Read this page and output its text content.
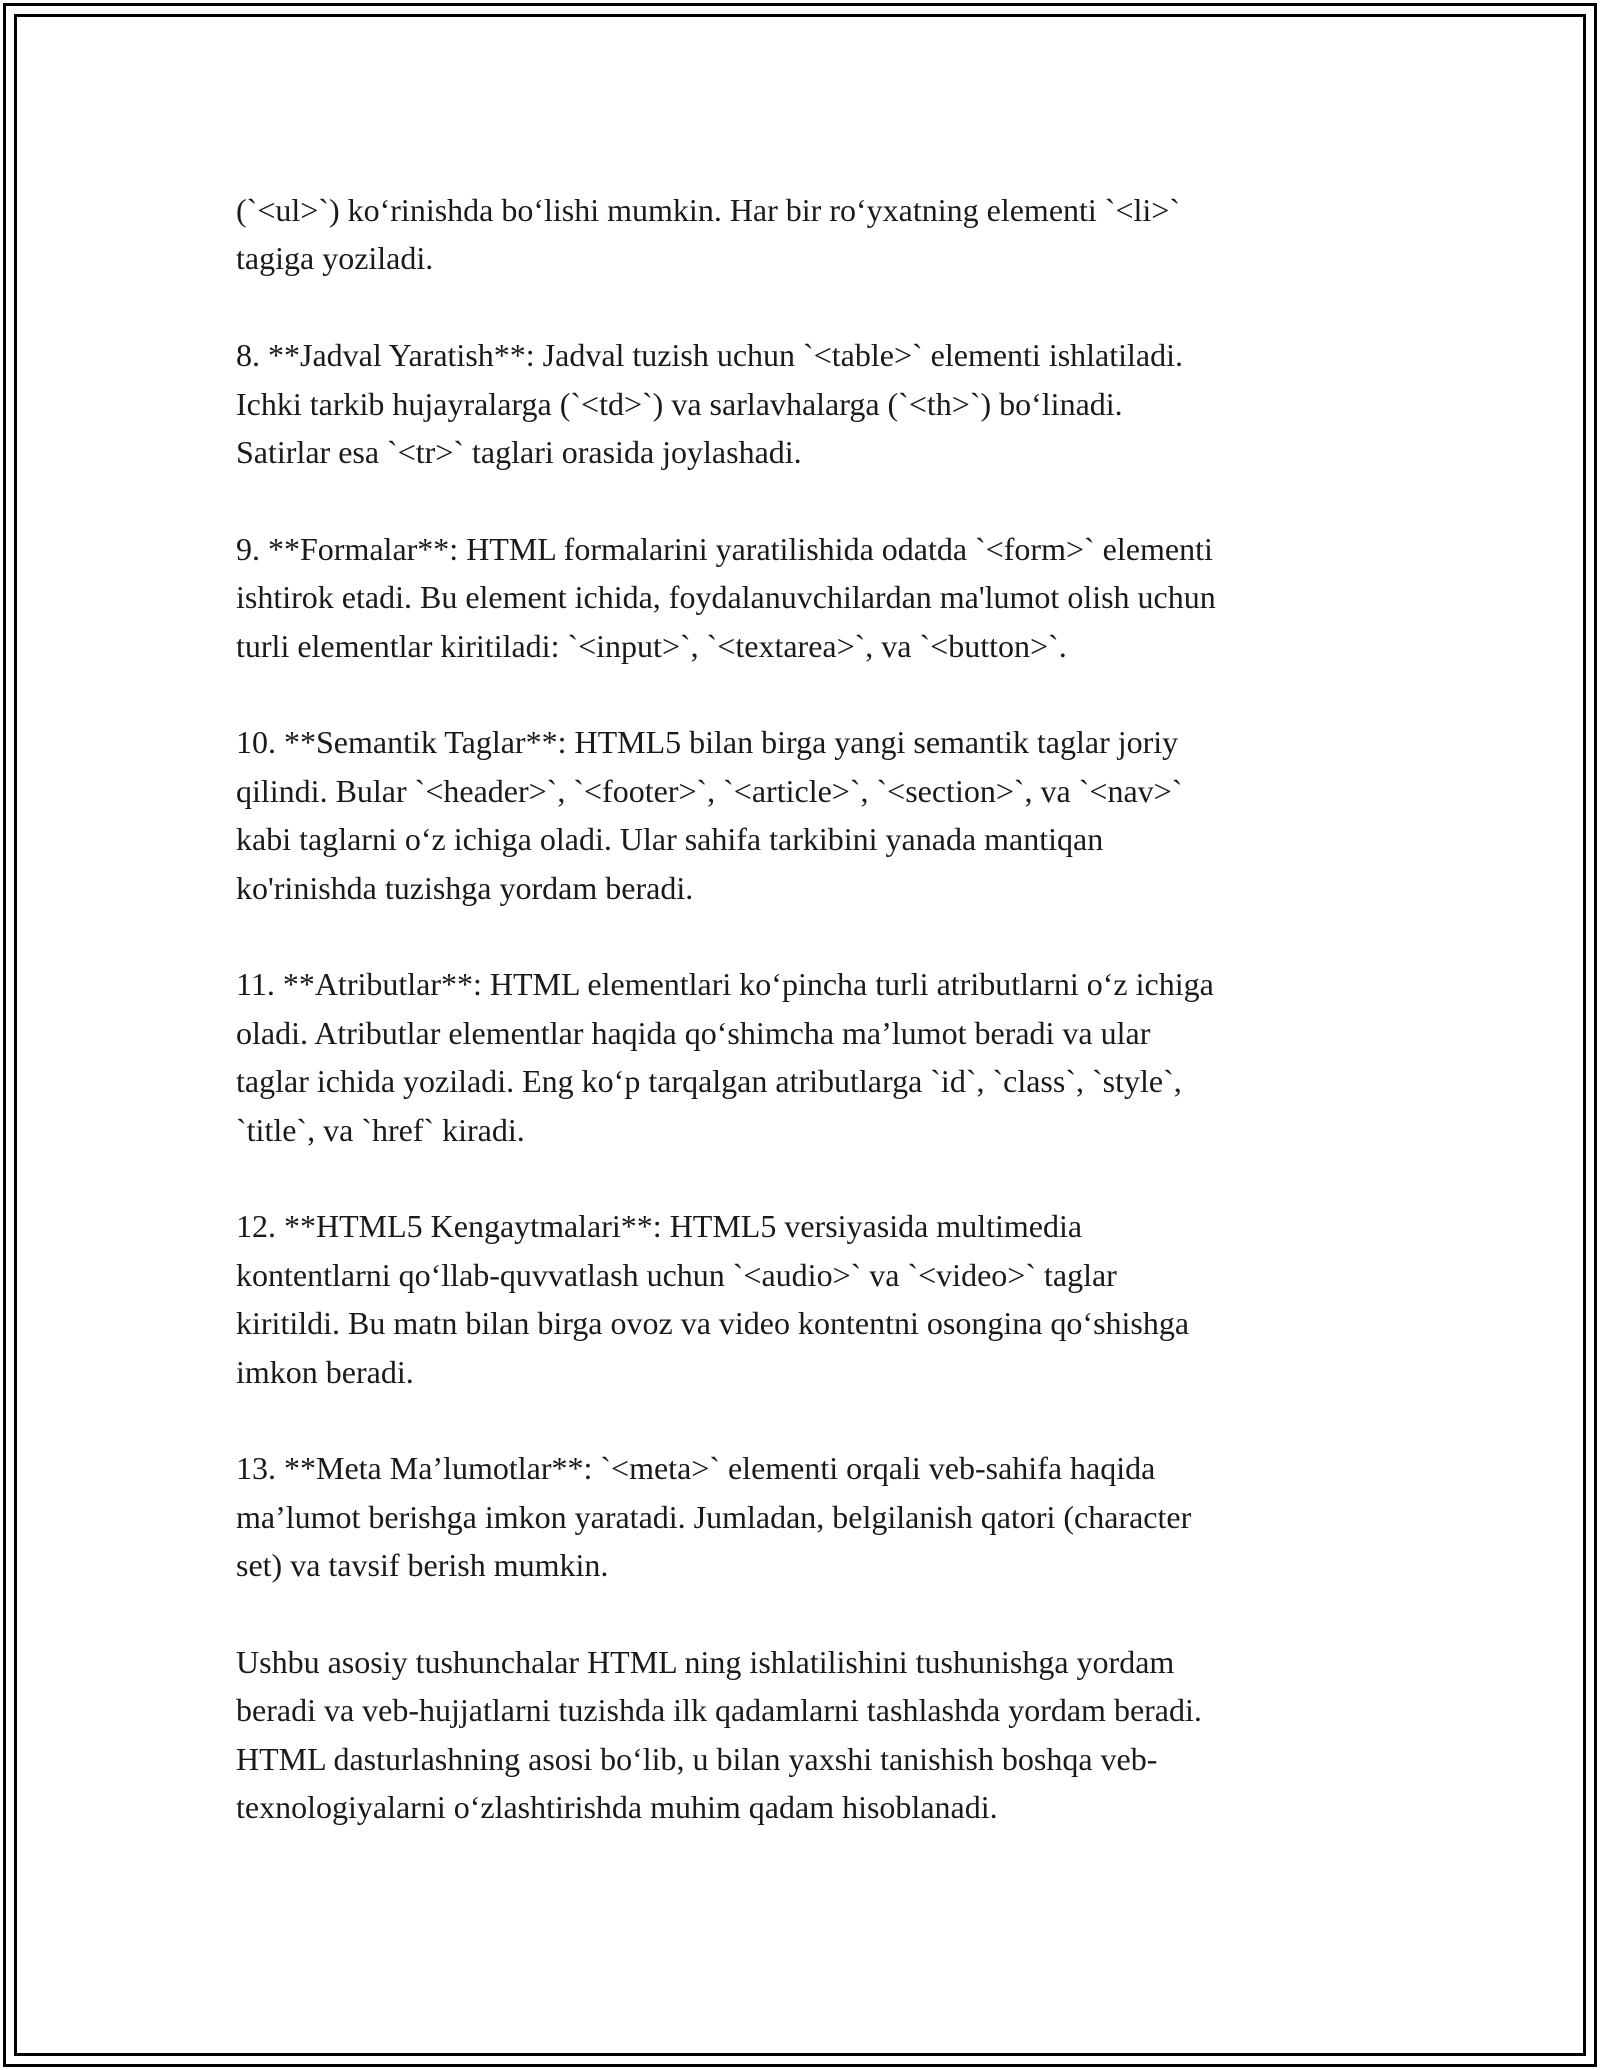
(`<ul>`) ko‘rinishda bo‘lishi mumkin. Har bir ro‘yxatning elementi `<li>`
tagiga yoziladi.

8. **Jadval Yaratish**: Jadval tuzish uchun `<table>` elementi ishlatiladi.
Ichki tarkib hujayralarga (`<td>`) va sarlavhalarga (`<th>`) bo‘linadi.
Satirlar esa `<tr>` taglari orasida joylashadi.

9. **Formalar**: HTML formalarini yaratilishida odatda `<form>` elementi
ishtirok etadi. Bu element ichida, foydalanuvchilardan ma'lumot olish uchun
turli elementlar kiritiladi: `<input>`, `<textarea>`, va `<button>`.

10. **Semantik Taglar**: HTML5 bilan birga yangi semantik taglar joriy
qilindi. Bular `<header>`, `<footer>`, `<article>`, `<section>`, va `<nav>`
kabi taglarni o‘z ichiga oladi. Ular sahifa tarkibini yanada mantiqan
ko'rinishda tuzishga yordam beradi.

11. **Atributlar**: HTML elementlari ko‘pincha turli atributlarni o‘z ichiga
oladi. Atributlar elementlar haqida qo‘shimcha ma’lumot beradi va ular
taglar ichida yoziladi. Eng ko‘p tarqalgan atributlarga `id`, `class`, `style`,
`title`, va `href` kiradi.

12. **HTML5 Kengaytmalari**: HTML5 versiyasida multimedia
kontentlarni qo‘llab-quvvatlash uchun `<audio>` va `<video>` taglar
kiritildi. Bu matn bilan birga ovoz va video kontentni osongina qo‘shishga
imkon beradi.

13. **Meta Ma’lumotlar**: `<meta>` elementi orqali veb-sahifa haqida
ma’lumot berishga imkon yaratadi. Jumladan, belgilanish qatori (character
set) va tavsif berish mumkin.

Ushbu asosiy tushunchalar HTML ning ishlatilishini tushunishga yordam
beradi va veb-hujjatlarni tuzishda ilk qadamlarni tashlashda yordam beradi.
HTML dasturlashning asosi bo‘lib, u bilan yaxshi tanishish boshqa veb-
texnologiyalarni o‘zlashtirishda muhim qadam hisoblanadi.
